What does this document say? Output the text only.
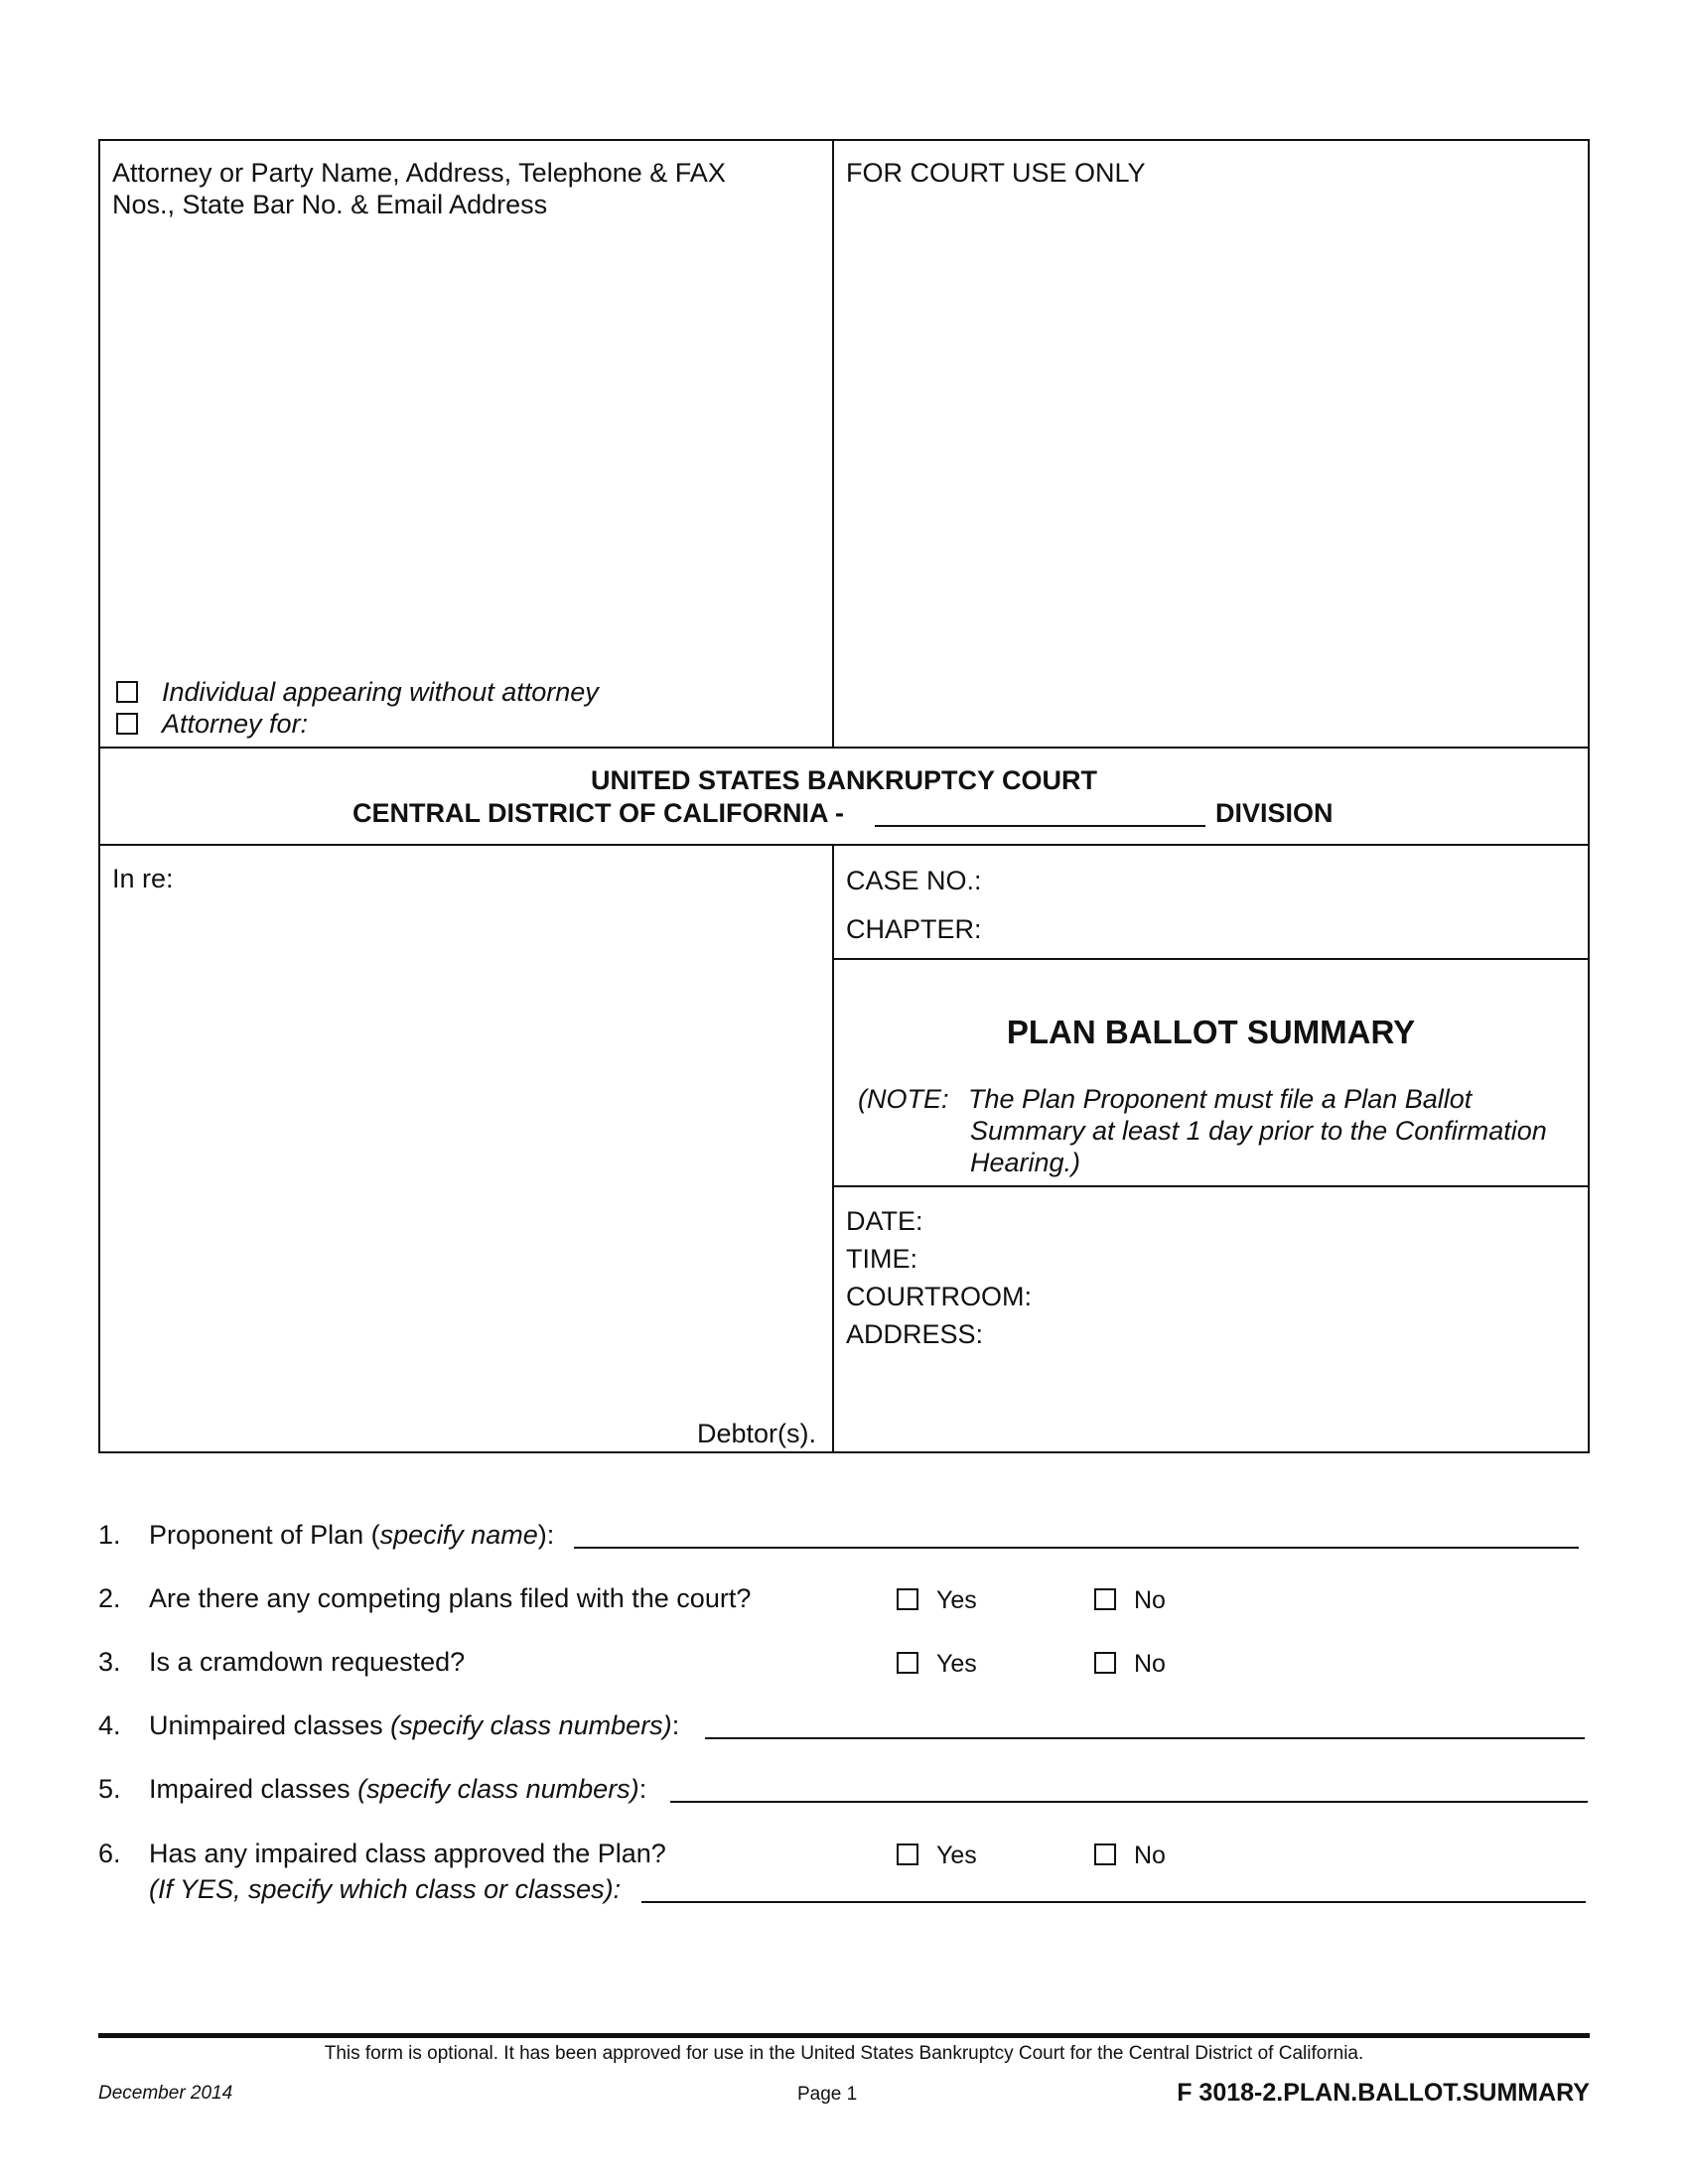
Attorney or Party Name, Address, Telephone & FAX
Nos., State Bar No. & Email Address
Individual appearing without attorney
Attorney for:
FOR COURT USE ONLY
UNITED STATES BANKRUPTCY COURT
CENTRAL DISTRICT OF CALIFORNIA -	DIVISION
In re:
Debtor(s).
CASE NO.:
CHAPTER:
PLAN BALLOT SUMMARY
(NOTE: The Plan Proponent must file a Plan Ballot
Summary at least 1 day prior to the Confirmation
Hearing.)
DATE:
TIME:
COURTROOM:
ADDRESS:
1. Proponent of Plan (specify name):
2. Are there any competing plans filed with the court?	Yes	No
3. Is a cramdown requested?	Yes	No
4. Unimpaired classes (specify class numbers):
5. Impaired classes (specify class numbers):
6. Has any impaired class approved the Plan?	Yes	No
(If YES, specify which class or classes):
This form is optional. It has been approved for use in the United States Bankruptcy Court for the Central District of California.
December 2014	Page 1	F 3018-2.PLAN.BALLOT.SUMMARY
